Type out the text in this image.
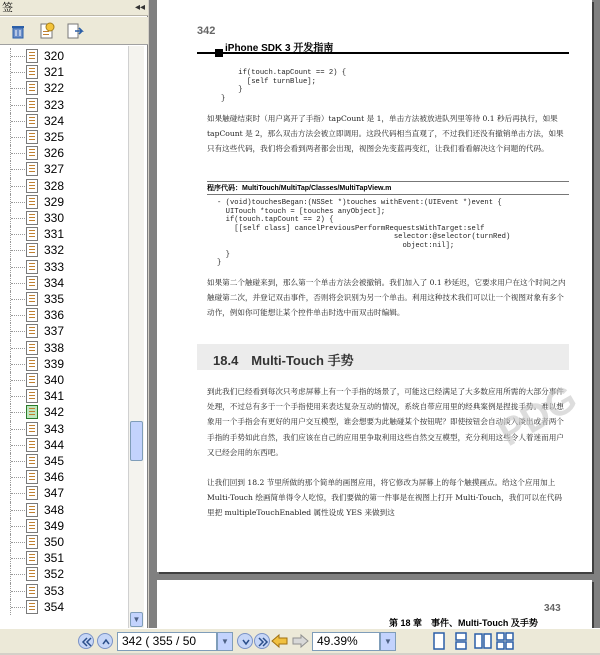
签	◂◂
320
321
322
323
324
325
326
327
328
329
330
331
332
333
334
335
336
337
338
339
340
341
342
343
344
345
346
347
348
349
350
351
352
353
354
▼
342
iPhone SDK 3 开发指南
if(touch.tapCount == 2) {
[self turnBlue];
}
}
如果触碰结束时（用户离开了手指）tapCount 是 1，单击方法被放进队列里等待 0.1 秒后再执行，如果 tapCount 是 2，那么双击方法会被立即调用。这段代码相当直观了，不过我们还没有撤销单击方法，如果只有这些代码，我们将会看到两者都会出现，视图会先变蓝再变红，让我们看看解决这个问题的代码。
程序代码：MultiTouch/MultiTap/Classes/MultiTapView.m
- (void)touchesBegan:(NSSet *)touches withEvent:(UIEvent *)event {
UITouch *touch = [touches anyObject];
if(touch.tapCount == 2) {
[[self class] cancelPreviousPerformRequestsWithTarget:self
selector:@selector(turnRed)
object:nil];
}
}
如果第二个触碰来到，那么第一个单击方法会被撤销。我们加入了 0.1 秒延迟，它要求用户在这个时间之内触碰第二次，并登记双击事件，否则将会识别为另一个单击。利用这种技术我们可以让一个视图对象有多个动作，例如你可能想让某个控件单击时选中而双击时编辑。
18.4　Multi-Touch 手势
到此我们已经看到每次只考虑屏幕上有一个手指的场景了，可能这已经满足了大多数应用所需的大部分事件处理，不过总有多于一个手指使用来表达复杂互动的情况，系统自带应用里的经典案例是捏拢手势。难以想象用一个手指会有更好的用户交互模型，谁会想要为此触碰某个按钮呢？即使按钮会自动淡入淡出或者两个手指的手势如此自然，我们应该在自己的应用里争取利用这些自然交互模型，充分利用这些令人着迷而用户又已经会用的东西吧。
让我们回到 18.2 节里所做的那个简单的画图应用，将它修改为屏幕上的每个触摸画点。给这个应用加上 Multi-Touch 绘画简单得令人吃惊，我们要做的第一件事是在视图上打开 Multi-Touch，我们可以在代码里把 multipleTouchEnabled 属性设成 YES 来做到这
PDG
第 18 章　事件、Multi-Touch 及手势
343
342 ( 355 / 50	▼	49.39%	▼
